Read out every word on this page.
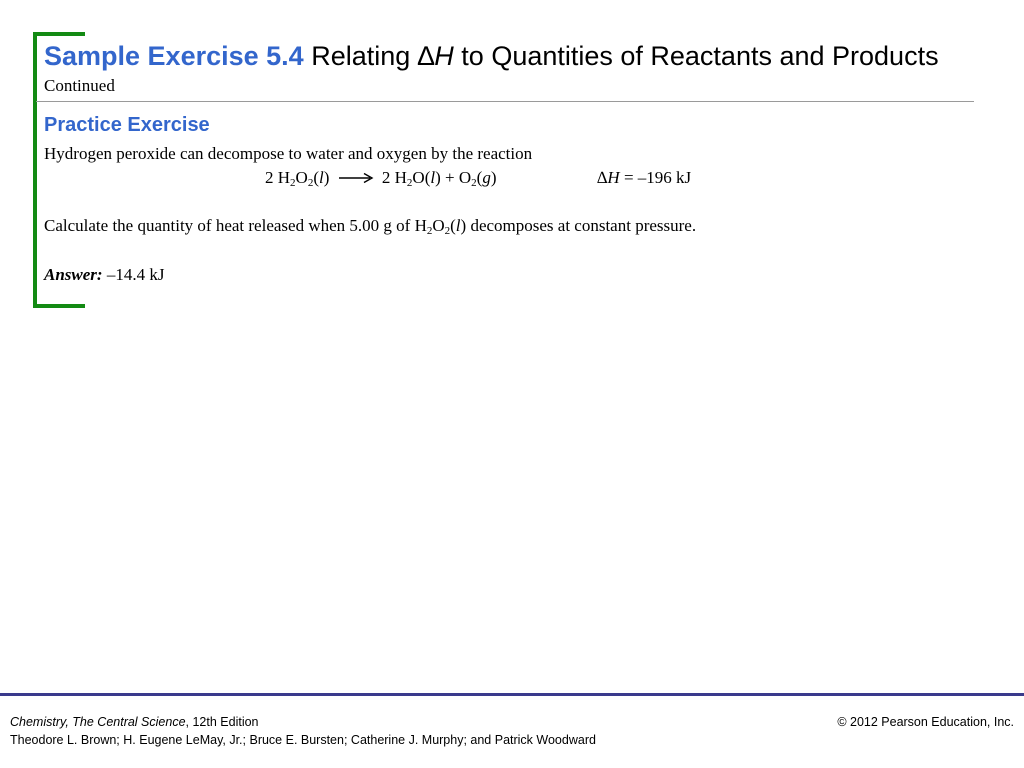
Sample Exercise 5.4 Relating ∆H to Quantities of Reactants and Products
Continued
Practice Exercise
Hydrogen peroxide can decompose to water and oxygen by the reaction
2 $H_2O_2(l) \to 2$ $H_2O(l) + O_2(g)$	∆H = –196 kJ
Calculate the quantity of heat released when 5.00 g of $H_2O_2(l)$ decomposes at constant pressure.
Answer: –14.4 kJ
Chemistry, The Central Science, 12th Edition
Theodore L. Brown; H. Eugene LeMay, Jr.; Bruce E. Bursten; Catherine J. Murphy; and Patrick Woodward
© 2012 Pearson Education, Inc.
